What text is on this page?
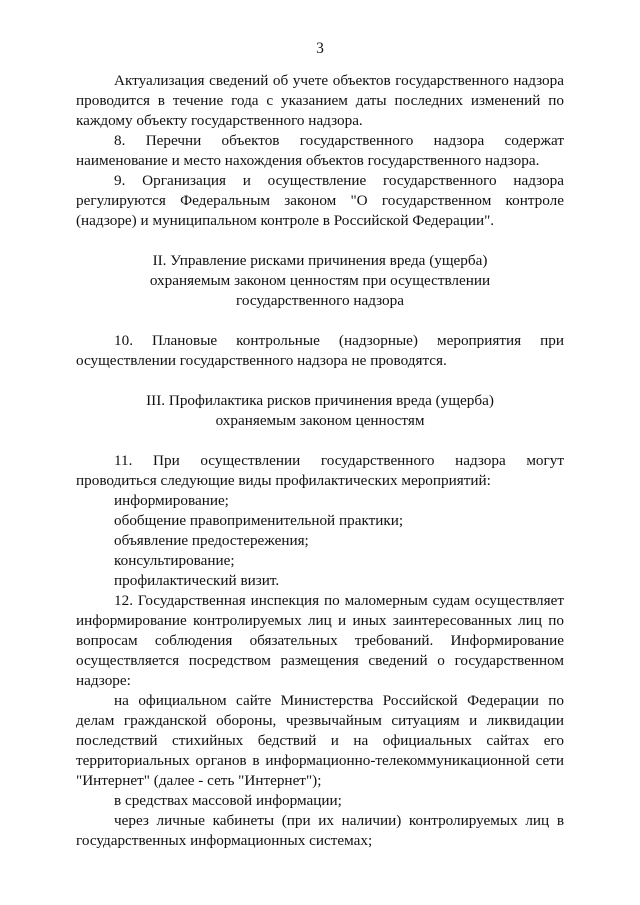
3

Актуализация сведений об учете объектов государственного надзора проводится в течение года с указанием даты последних изменений по каждому объекту государственного надзора.

8. Перечни объектов государственного надзора содержат наименование и место нахождения объектов государственного надзора.

9. Организация и осуществление государственного надзора регулируются Федеральным законом "О государственном контроле (надзоре) и муниципальном контроле в Российской Федерации".

II. Управление рисками причинения вреда (ущерба)

охраняемым законом ценностям при осуществлении

государственного надзора

10. Плановые контрольные (надзорные) мероприятия при осуществлении государственного надзора не проводятся.

III. Профилактика рисков причинения вреда (ущерба)

охраняемым законом ценностям

11. При осуществлении государственного надзора могут проводиться следующие виды профилактических мероприятий:

информирование;

обобщение правоприменительной практики;

объявление предостережения;

консультирование;

профилактический визит.

12. Государственная инспекция по маломерным судам осуществляет информирование контролируемых лиц и иных заинтересованных лиц по вопросам соблюдения обязательных требований. Информирование осуществляется посредством размещения сведений о государственном надзоре:

на официальном сайте Министерства Российской Федерации по делам гражданской обороны, чрезвычайным ситуациям и ликвидации последствий стихийных бедствий и на официальных сайтах его территориальных органов в информационно-телекоммуникационной сети "Интернет" (далее - сеть "Интернет");

в средствах массовой информации;

через личные кабинеты (при их наличии) контролируемых лиц в государственных информационных системах;
